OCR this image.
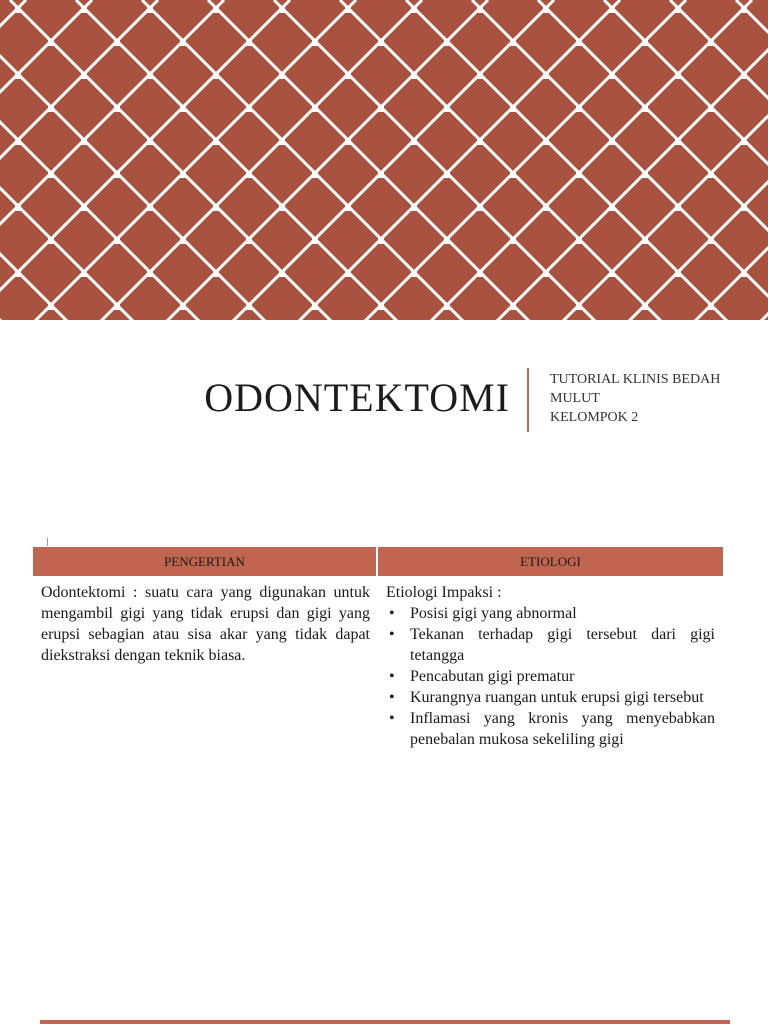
ODONTEKTOMI	TUTORIAL KLINIS BEDAH MULUT
KELOMPOK 2
PENGERTIAN	ETIOLOGI
Odontektomi : suatu cara yang digunakan untuk mengambil gigi yang tidak erupsi dan gigi yang erupsi sebagian atau sisa akar yang tidak dapat diekstraksi dengan teknik biasa.
Etiologi Impaksi :
• Posisi gigi yang abnormal
• Tekanan terhadap gigi tersebut dari gigi tetangga
• Pencabutan gigi prematur
• Kurangnya ruangan untuk erupsi gigi tersebut
• Inflamasi yang kronis yang menyebabkan penebalan mukosa sekeliling gigi
